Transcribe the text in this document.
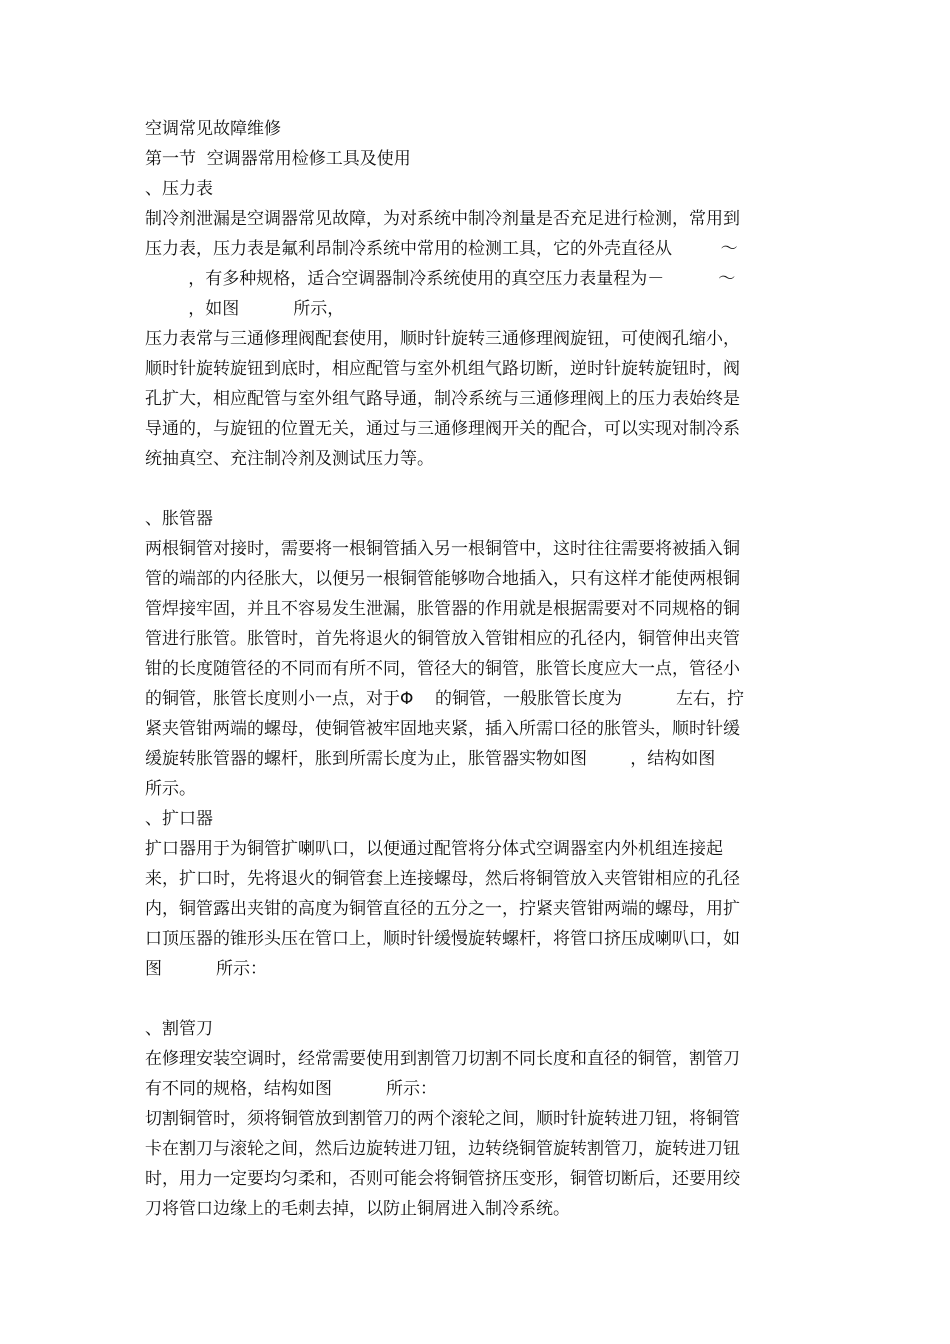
空调常见故障维修
第一节  空调器常用检修工具及使用
、压力表
制冷剂泄漏是空调器常见故障，为对系统中制冷剂量是否充足进行检测，常用到
压力表，压力表是氟利昂制冷系统中常用的检测工具，它的外壳直径从         ～
，有多种规格，适合空调器制冷系统使用的真空压力表量程为－          ～
，如图          所示，
压力表常与三通修理阀配套使用，顺时针旋转三通修理阀旋钮，可使阀孔缩小，
顺时针旋转旋钮到底时，相应配管与室外机组气路切断，逆时针旋转旋钮时，阀
孔扩大，相应配管与室外组气路导通，制冷系统与三通修理阀上的压力表始终是
导通的，与旋钮的位置无关，通过与三通修理阀开关的配合，可以实现对制冷系
统抽真空、充注制冷剂及测试压力等。
、胀管器
两根铜管对接时，需要将一根铜管插入另一根铜管中，这时往往需要将被插入铜
管的端部的内径胀大，以便另一根铜管能够吻合地插入，只有这样才能使两根铜
管焊接牢固，并且不容易发生泄漏，胀管器的作用就是根据需要对不同规格的铜
管进行胀管。胀管时，首先将退火的铜管放入管钳相应的孔径内，铜管伸出夹管
钳的长度随管径的不同而有所不同，管径大的铜管，胀管长度应大一点，管径小
的铜管，胀管长度则小一点，对于Φ    的铜管，一般胀管长度为          左右，拧
紧夹管钳两端的螺母，使铜管被牢固地夹紧，插入所需口径的胀管头，顺时针缓
缓旋转胀管器的螺杆，胀到所需长度为止，胀管器实物如图        ，结构如图
所示。
、扩口器
扩口器用于为铜管扩喇叭口，以便通过配管将分体式空调器室内外机组连接起
来，扩口时，先将退火的铜管套上连接螺母，然后将铜管放入夹管钳相应的孔径
内，铜管露出夹钳的高度为铜管直径的五分之一，拧紧夹管钳两端的螺母，用扩
口顶压器的锥形头压在管口上，顺时针缓慢旋转螺杆，将管口挤压成喇叭口，如
图          所示：
、割管刀
在修理安装空调时，经常需要使用到割管刀切割不同长度和直径的铜管，割管刀
有不同的规格，结构如图          所示：
切割铜管时，须将铜管放到割管刀的两个滚轮之间，顺时针旋转进刀钮，将铜管
卡在割刀与滚轮之间，然后边旋转进刀钮，边转绕铜管旋转割管刀，旋转进刀钮
时，用力一定要均匀柔和，否则可能会将铜管挤压变形，铜管切断后，还要用绞
刀将管口边缘上的毛刺去掉，以防止铜屑进入制冷系统。
